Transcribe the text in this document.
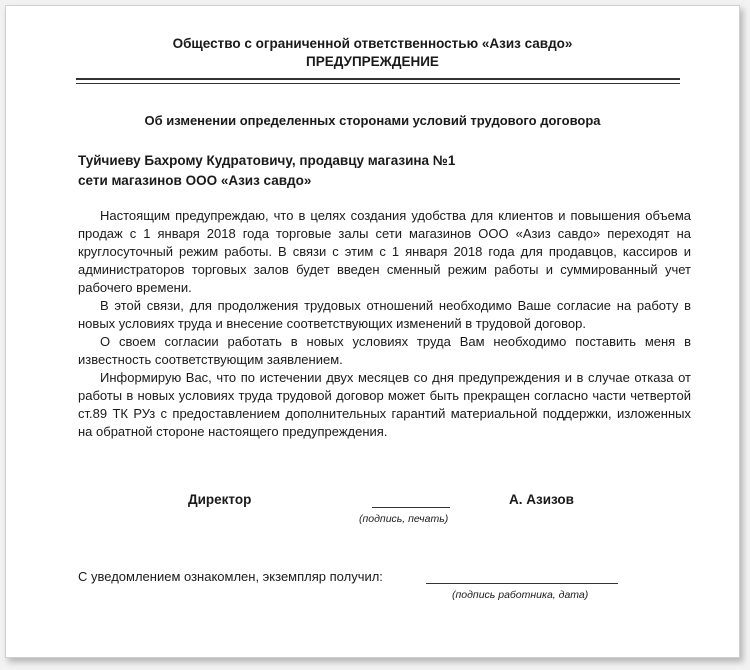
Общество с ограниченной ответственностью «Азиз савдо»
ПРЕДУПРЕЖДЕНИЕ
Об изменении определенных сторонами условий трудового договора
Туйчиеву Бахрому Кудратовичу, продавцу магазина №1
сети магазинов ООО «Азиз савдо»

Настоящим предупреждаю, что в целях создания удобства для клиентов и повышения объема продаж с 1 января 2018 года торговые залы сети магазинов ООО «Азиз савдо» переходят на круглосуточный режим работы. В связи с этим с 1 января 2018 года для продавцов, кассиров и администраторов торговых залов будет введен сменный режим работы и суммированный учет рабочего времени.

В этой связи, для продолжения трудовых отношений необходимо Ваше согласие на работу в новых условиях труда и внесение соответствующих изменений в трудовой договор.

О своем согласии работать в новых условиях труда Вам необходимо поставить меня в известность соответствующим заявлением.

Информирую Вас, что по истечении двух месяцев со дня предупреждения и в случае отказа от работы в новых условиях труда трудовой договор может быть прекращен согласно части четвертой ст.89 ТК РУз с предоставлением дополнительных гарантий материальной поддержки, изложенных на обратной стороне настоящего предупреждения.

Директор	А. Азизов
(подпись, печать)
С уведомлением ознакомлен, экземпляр получил:
(подпись работника, дата)
